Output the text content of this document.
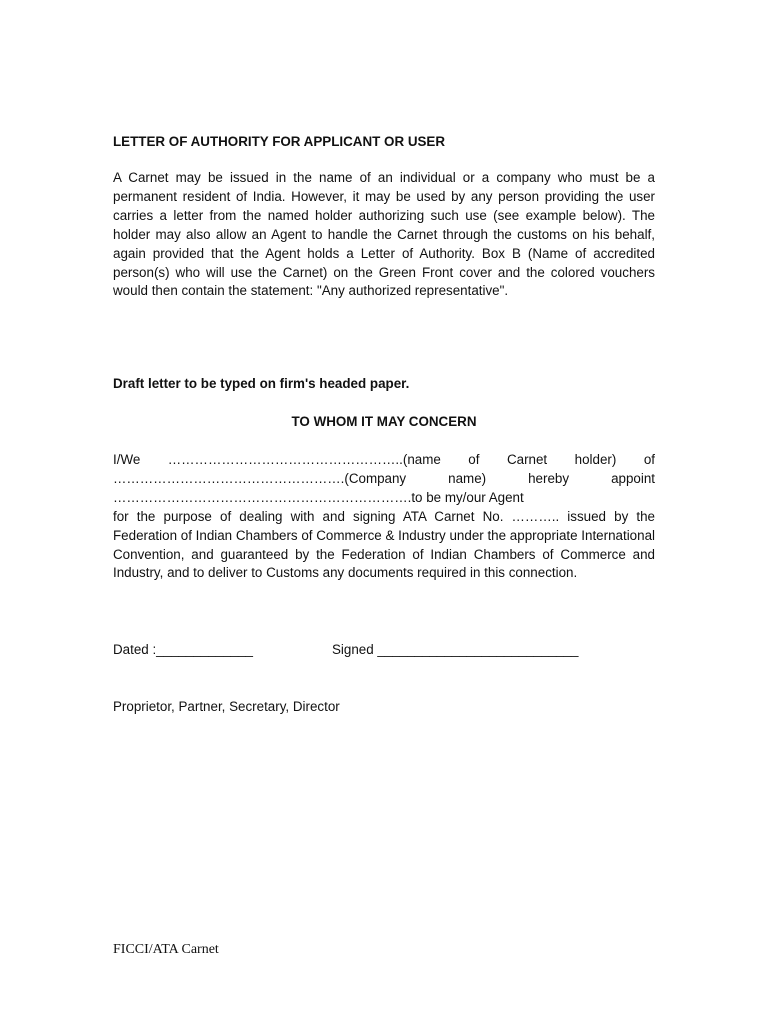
LETTER OF AUTHORITY FOR APPLICANT OR USER
A Carnet may be issued in the name of an individual or a company who must be a permanent resident of India. However, it may be used by any person providing the user carries a letter from the named holder authorizing such use (see example below). The holder may also allow an Agent to handle the Carnet through the customs on his behalf, again provided that the Agent holds a Letter of Authority. Box B (Name of accredited person(s) who will use the Carnet) on the Green Front cover and the colored vouchers would then contain the statement: "Any authorized representative".
Draft letter to be typed on firm's headed paper.
TO WHOM IT MAY CONCERN
I/We ……………………………………………..(name of Carnet holder) of
…………………………………………….(Company name) hereby appoint
………………………………………………………….to be my/our Agent
for the purpose of dealing with and signing ATA Carnet No. ……….. issued by the Federation of Indian Chambers of Commerce & Industry under the appropriate International Convention, and guaranteed by the Federation of Indian Chambers of Commerce and Industry, and to deliver to Customs any documents required in this connection.
Dated :_____________	Signed ___________________________
Proprietor, Partner, Secretary, Director
FICCI/ATA Carnet
